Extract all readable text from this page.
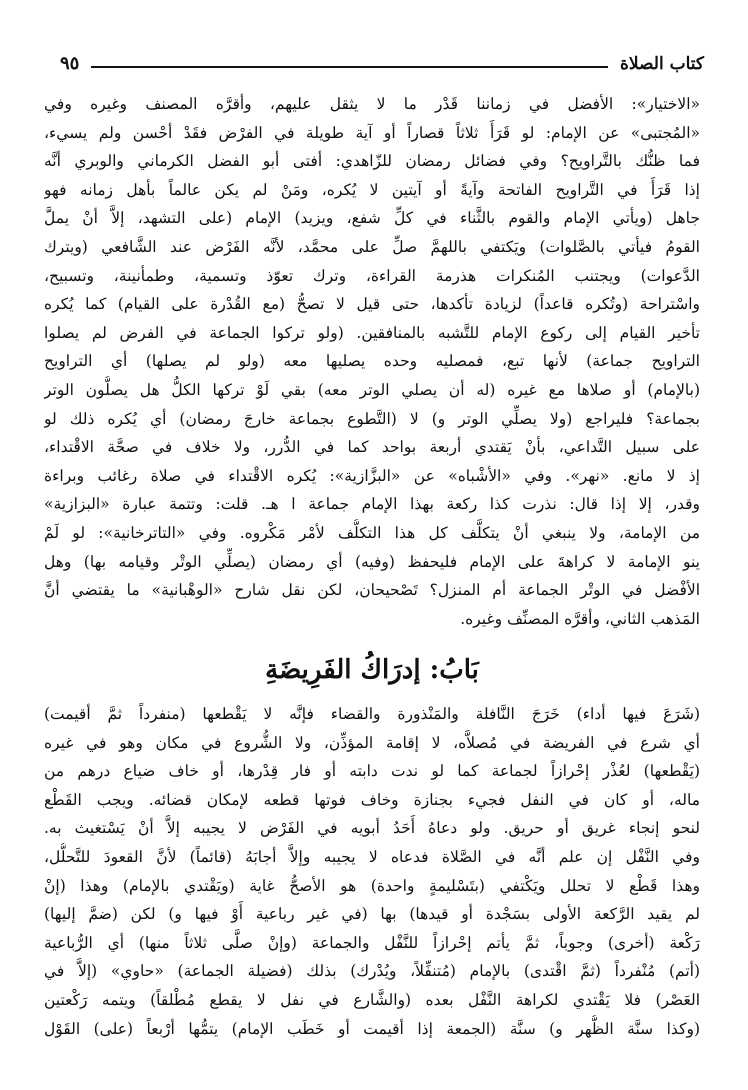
كتاب الصلاة
٩٥
«الاختيار»: الأفضل في زماننا قَدْر ما لا يثقل عليهم، وأقرَّه المصنف وغيره وفي
«المُجتبى» عن الإمام: لو قَرَأَ ثلاثاً قصاراً أو آية طويلة في الفرْض فقَدْ أحْسن ولم يسيء،
فما ظنُّك بالتَّراويح؟ وفي فضائل رمضان للزّاهدي: أفتى أبو الفضل الكرماني والوبري أنَّه
إذا قَرَأَ في التَّراويح الفاتحة وآيةً أو آيتين لا يُكره، ومَنْ لم يكن عالماً بأهل زمانه فهو
جاهل (ويأتي الإمام والقوم بالثَّناء في كلِّ شفع، ويزيد) الإمام (على التشهد، إلاَّ أنْ يملَّ
القومُ فيأتي بالصَّلوات) ويَكتفي باللهمَّ صلِّ على محمَّد، لأنَّه الفَرْض عند الشَّافعي (ويترك
الدَّعوات) ويجتنب المُنكرات هذرمة القراءة، وترك تعوّذ وتسمية، وطمأنينة، وتسبيح،
واسْتراحة (وتُكره قاعداً) لزيادة تأكدها، حتى قيل لا تصحُّ (مع القُدْرة على القيام) كما يُكره
تأخير القيام إلى ركوع الإمام للتَّشبه بالمنافقين. (ولو تركوا الجماعة في الفرض لم يصلوا
التراويح جماعة) لأنها تبع، فمصليه وحده يصليها معه (ولو لم يصلها) أي التراويح
(بالإمام) أو صلاها مع غيره (له أن يصلي الوتر معه) بقي لَوْ تركها الكلُّ هل يصلُّون الوتر
بجماعة؟ فليراجع (ولا يصلِّي الوتر و) لا (التَّطوع بجماعة خارجَ رمضان) أي يُكره ذلك لو
على سبيل التَّداعي، بأنْ يَقتدي أربعة بواحد كما في الدُّرر، ولا خلاف في صحَّة الاقْتداء،
إذ لا مانع. «نهر». وفي «الأشْباه» عن «البزَّازية»: يُكره الاقْتداء في صلاة رغائب وبراءة
وقدر، إلا إذا قال: نذرت كذا ركعة بهذا الإمام جماعة ا هـ. قلت: وتتمة عبارة «البزازية»
من الإمامة، ولا ينبغي أنْ يتكلَّف كل هذا التكلُّف لأمْر مَكْروه. وفي «التاترخانية»: لو لَمْ
ينو الإمامة لا كراهةَ على الإمام فليحفظ (وفيه) أي رمضان (يصلِّي الوتْر وقيامه بها) وهل
الأفْضل في الوتْر الجماعة أم المنزل؟ تَصْحيحان، لكن نقل شارح «الوهْبانية» ما يقتضي أنَّ
المَذهب الثاني، وأقرَّه المصنِّف وغيره.
بَابُ: إدرَاكُ الفَرِيضَةِ
(شَرَعَ فيها أداء) خَرَجَ النَّافلة والمَنْذورة والقضاء فإنَّه لا يَقْطعها (منفرداً ثمَّ أقيمت)
أي شرع في الفريضة في مُصلاَّه، لا إقامة المؤذِّن، ولا الشُّروع في مكان وهو في غيره
(يَقْطعها) لعُذْر إحْرازاً لجماعة كما لو ندت دابته أو فار قِدْرها، أو خاف ضياع درهم من
ماله، أو كان في النفل فجيء بجنازة وخاف فوتها قطعه لإمكان قضائه. ويجب القَطْع
لنحو إنجاء غريق أو حريق. ولو دعاهُ أَحَدُ أبويه في الفَرْض لا يجيبه إلاَّ أنْ يَسْتغيث به.
وفي النَّفْل إن علم أنَّه في الصَّلاة فدعاه لا يجيبه وإلاَّ أجابَهُ (قائماً) لأنَّ القعودَ للتَّحلُّل،
وهذا قَطْع لا تحلل ويَكْتفي (بتَسْليمةٍ واحدة) هو الأصحُّ غاية (ويَقْتدي بالإمام) وهذا (إنْ
لم يقيد الرَّكعة الأولى بسَجْدة أو قيدها) بها (في غير رباعية أَوْ فيها و) لكن (ضمَّ إليها)
رَكْعة (أخرى) وجوباً، ثمَّ يأتم إحْرازاً للنَّفْل والجماعة (وإنْ صلَّى ثلاثاً منها) أي الرُّباعية
(أتم) مُنْفرداً (ثمَّ اقْتدى) بالإمام (مُتنفِّلاً، ويُدْرك) بذلك (فضيلة الجماعة) «حاوي» (إلاَّ في
العَصْر) فلا يَقْتدي لكراهة النَّفْل بعده (والشَّارع في نفل لا يقطع مُطْلقاً) ويتمه رَكْعتين
(وكذا سنَّة الظُّهر و) سنَّة (الجمعة إذا أقيمت أو خَطَب الإمام) يتمُّها أرْبعاً (على) القَوْل
